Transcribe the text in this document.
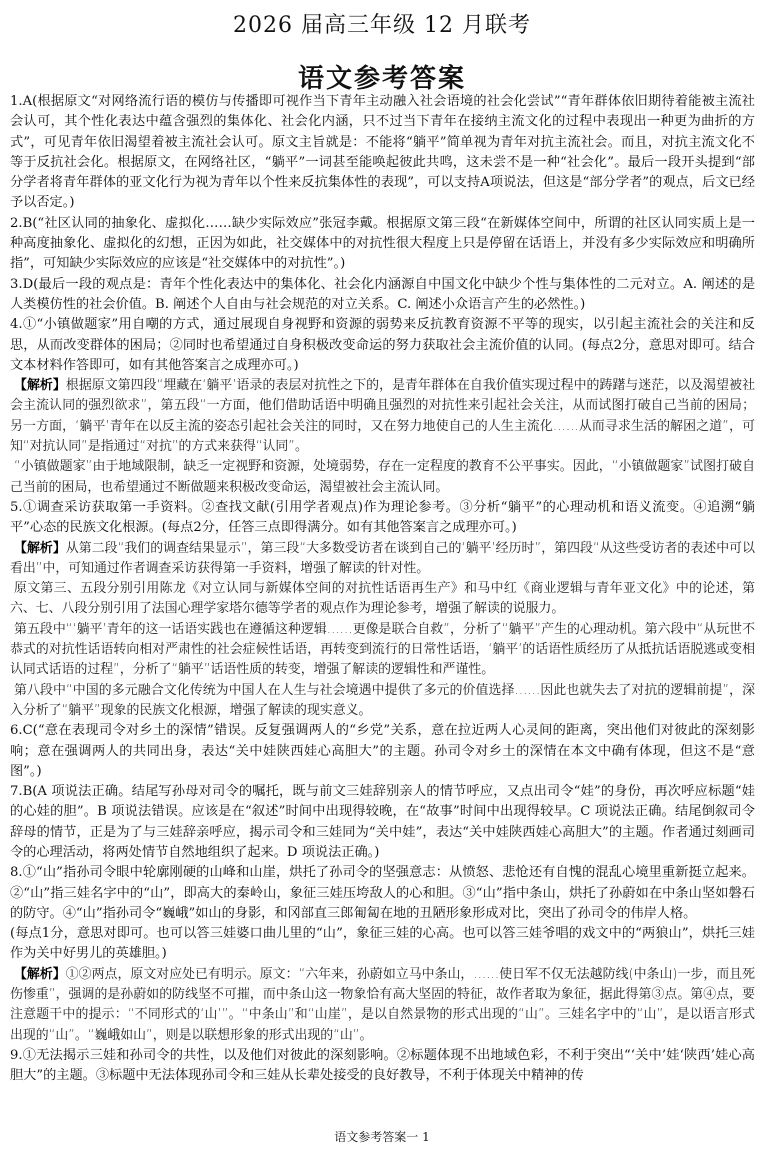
2026 届高三年级 12 月联考
语文参考答案

1.A(根据原文“对网络流行语的模仿与传播即可视作当下青年主动融入社会语境的社会化尝试”“青年群体依旧期待着能被主流社会认可，其个性化表达中蕴含强烈的集体化、社会化内涵，只不过当下青年在接纳主流文化的过程中表现出一种更为曲折的方式”，可见青年依旧渴望着被主流社会认可。原文主旨就是：不能将“躺平”简单视为青年对抗主流社会。而且，对抗主流文化不等于反抗社会化。根据原文，在网络社区，“躺平”一词甚至能唤起彼此共鸣，这未尝不是一种“社会化”。最后一段开头提到“部分学者将青年群体的亚文化行为视为青年以个性来反抗集体性的表现”，可以支持A项说法，但这是“部分学者”的观点，后文已经予以否定。)

2.B(“社区认同的抽象化、虚拟化……缺少实际效应”张冠李戴。根据原文第三段“在新媒体空间中，所谓的社区认同实质上是一种高度抽象化、虚拟化的幻想，正因为如此，社交媒体中的对抗性很大程度上只是停留在话语上，并没有多少实际效应和明确所指”，可知缺少实际效应的应该是“社交媒体中的对抗性”。)

3.D(最后一段的观点是：青年个性化表达中的集体化、社会化内涵源自中国文化中缺少个性与集体性的二元对立。A. 阐述的是人类模仿性的社会价值。B. 阐述个人自由与社会规范的对立关系。C. 阐述小众语言产生的必然性。)

4.①“小镇做题家”用自嘲的方式，通过展现自身视野和资源的弱势来反抗教育资源不平等的现实，以引起主流社会的关注和反思，从而改变群体的困局；②同时也希望通过自身积极改变命运的努力获取社会主流价值的认同。(每点2分，意思对即可。结合文本材料作答即可，如有其他答案言之成理亦可。)

【解析】根据原文第四段“埋藏在‘躺平’语录的表层对抗性之下的，是青年群体在自我价值实现过程中的踌躇与迷茫，以及渴望被社会主流认同的强烈欲求”，第五段“一方面，他们借助话语中明确且强烈的对抗性来引起社会关注，从而试图打破自己当前的困局；另一方面，‘躺平’青年在以反主流的姿态引起社会关注的同时，又在努力地使自己的人生主流化……从而寻求生活的解困之道”，可知“对抗认同”是指通过“对抗”的方式来获得“认同”。

“小镇做题家”由于地域限制，缺乏一定视野和资源，处境弱势，存在一定程度的教育不公平事实。因此，“小镇做题家”试图打破自己当前的困局，也希望通过不断做题来积极改变命运，渴望被社会主流认同。

5.①调查采访获取第一手资料。②查找文献(引用学者观点)作为理论参考。③分析“躺平”的心理动机和语义流变。④追溯“躺平”心态的民族文化根源。(每点2分，任答三点即得满分。如有其他答案言之成理亦可。)

【解析】从第二段“我们的调查结果显示”，第三段“大多数受访者在谈到自己的‘躺平’经历时”，第四段“从这些受访者的表述中可以看出”中，可知通过作者调查采访获得第一手资料，增强了解读的针对性。

原文第三、五段分别引用陈龙《对立认同与新媒体空间的对抗性话语再生产》和马中红《商业逻辑与青年亚文化》中的论述，第六、七、八段分别引用了法国心理学家塔尔德等学者的观点作为理论参考，增强了解读的说服力。

第五段中“‘躺平’青年的这一话语实践也在遵循这种逻辑……更像是联合自救”，分析了“躺平”产生的心理动机。第六段中“从玩世不恭式的对抗性话语转向相对严肃性的社会症候性话语，再转变到流行的日常性话语，‘躺平’的话语性质经历了从抵抗话语脱逃或变相认同式话语的过程”，分析了“躺平”话语性质的转变，增强了解读的逻辑性和严谨性。

第八段中“中国的多元融合文化传统为中国人在人生与社会境遇中提供了多元的价值选择……因此也就失去了对抗的逻辑前提”，深入分析了“躺平”现象的民族文化根源，增强了解读的现实意义。

6.C(“意在表现司令对乡土的深情”错误。反复强调两人的“乡党”关系，意在拉近两人心灵间的距离，突出他们对彼此的深刻影响；意在强调两人的共同出身，表达“关中娃陕西娃心高胆大”的主题。孙司令对乡土的深情在本文中确有体现，但这不是“意图”。)

7.B(A 项说法正确。结尾写孙母对司令的嘱托，既与前文三娃辞别亲人的情节呼应，又点出司令“娃”的身份，再次呼应标题“娃的心娃的胆”。B 项说法错误。应该是在“叙述”时间中出现得较晚，在“故事”时间中出现得较早。C 项说法正确。结尾倒叙司令辞母的情节，正是为了与三娃辞亲呼应，揭示司令和三娃同为“关中娃”，表达“关中娃陕西娃心高胆大”的主题。作者通过刻画司令的心理活动，将两处情节自然地组织了起来。D 项说法正确。)

8.①“山”指孙司令眼中轮廓刚硬的山峰和山崖，烘托了孙司令的坚强意志：从愤怒、悲怆还有自愧的混乱心境里重新挺立起来。②“山”指三娃名字中的“山”，即高大的秦岭山，象征三娃压垮敌人的心和胆。③“山”指中条山，烘托了孙蔚如在中条山坚如磐石的防守。④“山”指孙司令“巍峨”如山的身影，和冈部直三郎匍匐在地的丑陋形象形成对比，突出了孙司令的伟岸人格。

(每点1分，意思对即可。也可以答三娃婆口曲儿里的“山”，象征三娃的心高。也可以答三娃爷唱的戏文中的“两狼山”，烘托三娃作为关中好男儿的英雄胆。)

【解析】①②两点，原文对应处已有明示。原文：“六年来，孙蔚如立马中条山，……使日军不仅无法越防线(中条山)一步，而且死伤惨重”，强调的是孙蔚如的防线坚不可摧，而中条山这一物象恰有高大坚固的特征，故作者取为象征，据此得第③点。第④点，要注意题干中的提示：“不同形式的‘山’”。“中条山”和“山崖”，是以自然景物的形式出现的“山”。三娃名字中的“山”，是以语言形式出现的“山”。“巍峨如山”，则是以联想形象的形式出现的“山”。

9.①无法揭示三娃和孙司令的共性，以及他们对彼此的深刻影响。②标题体现不出地域色彩，不利于突出“‘关中’娃‘陕西’娃心高胆大”的主题。③标题中无法体现孙司令和三娃从长辈处接受的良好教导，不利于体现关中精神的传

语文参考答案一 1
